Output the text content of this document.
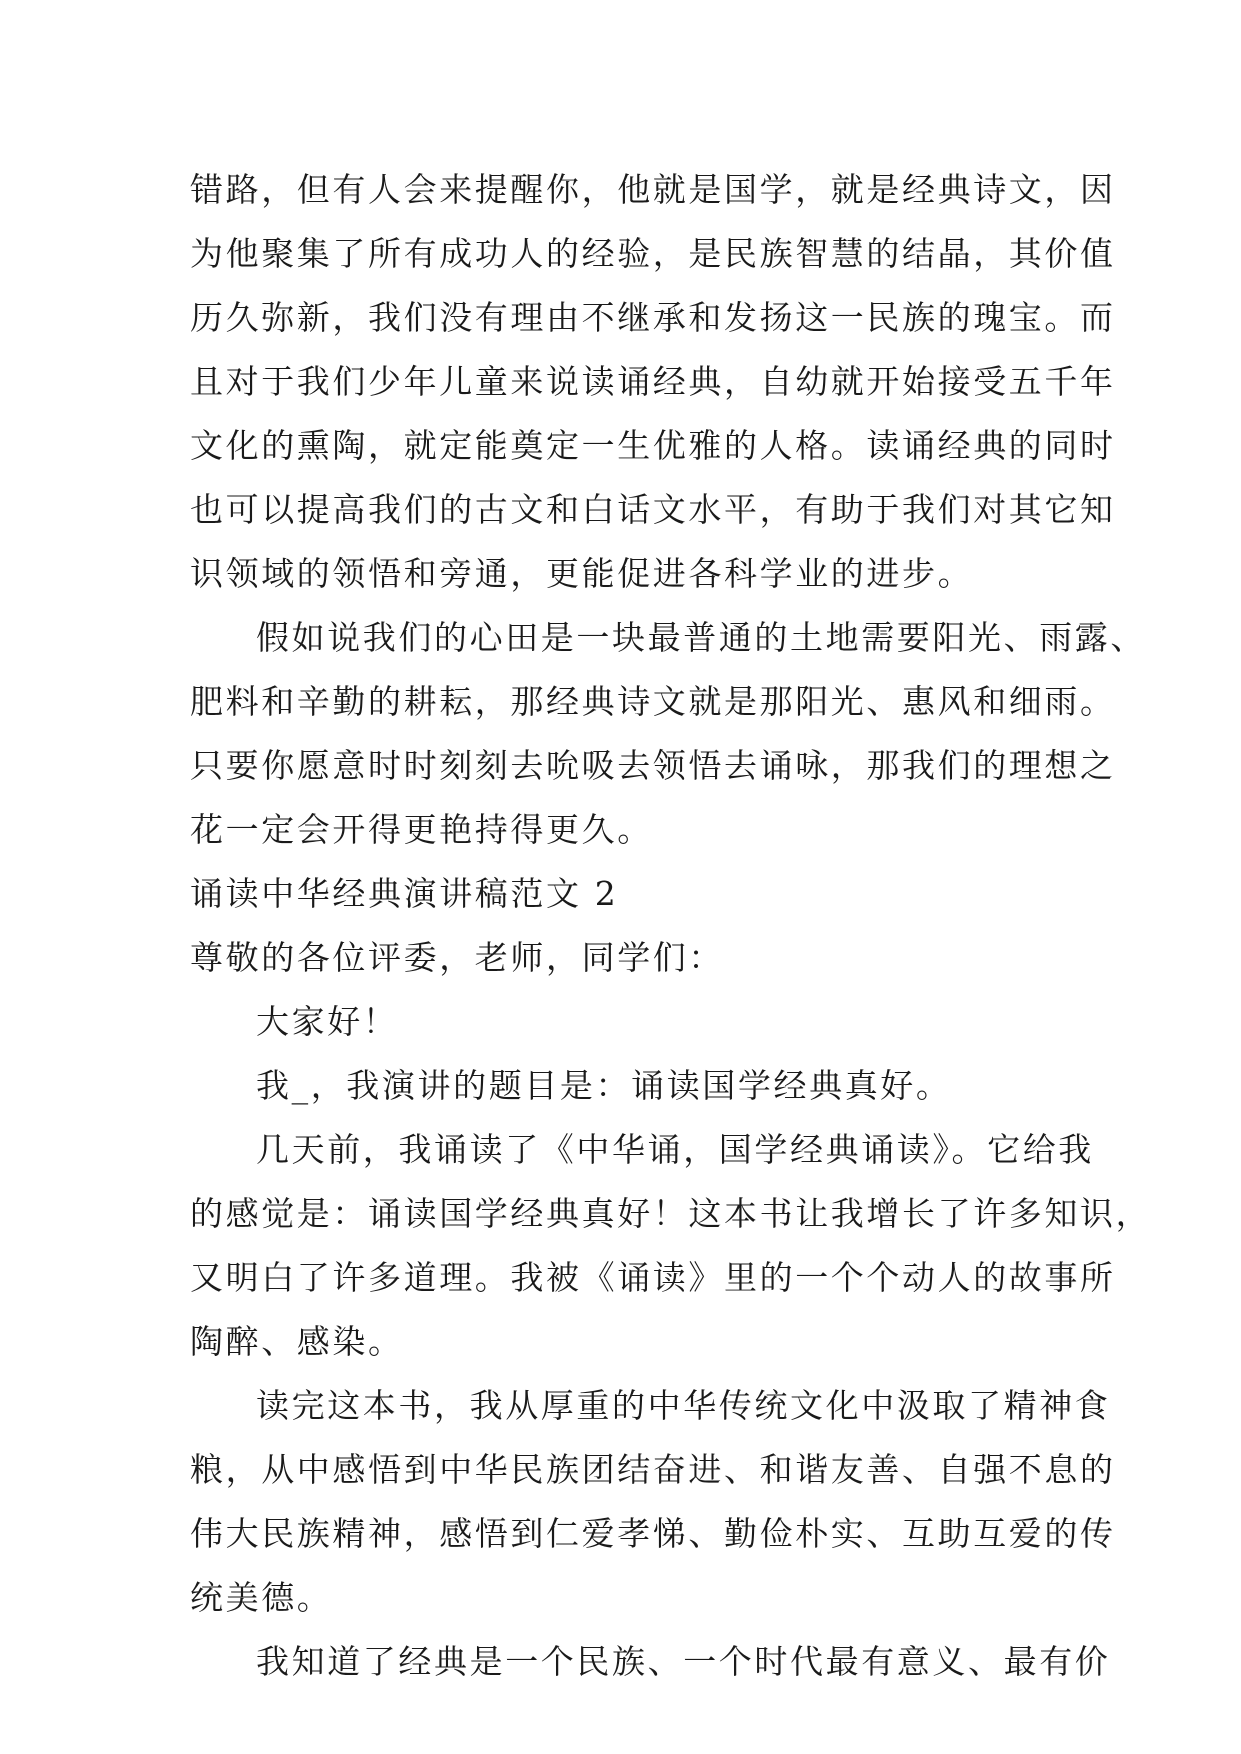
错路，但有人会来提醒你，他就是国学，就是经典诗文，因
为他聚集了所有成功人的经验，是民族智慧的结晶，其价值
历久弥新，我们没有理由不继承和发扬这一民族的瑰宝。而
且对于我们少年儿童来说读诵经典，自幼就开始接受五千年
文化的熏陶，就定能奠定一生优雅的人格。读诵经典的同时
也可以提高我们的古文和白话文水平，有助于我们对其它知
识领域的领悟和旁通，更能促进各科学业的进步。
假如说我们的心田是一块最普通的土地需要阳光、雨露、
肥料和辛勤的耕耘，那经典诗文就是那阳光、惠风和细雨。
只要你愿意时时刻刻去吮吸去领悟去诵咏，那我们的理想之
花一定会开得更艳持得更久。
诵读中华经典演讲稿范文 2
尊敬的各位评委，老师，同学们：
大家好！
我_，我演讲的题目是：诵读国学经典真好。
几天前，我诵读了《中华诵，国学经典诵读》。它给我
的感觉是：诵读国学经典真好！这本书让我增长了许多知识，
又明白了许多道理。我被《诵读》里的一个个动人的故事所
陶醉、感染。
读完这本书，我从厚重的中华传统文化中汲取了精神食
粮，从中感悟到中华民族团结奋进、和谐友善、自强不息的
伟大民族精神，感悟到仁爱孝悌、勤俭朴实、互助互爱的传
统美德。
我知道了经典是一个民族、一个时代最有意义、最有价
